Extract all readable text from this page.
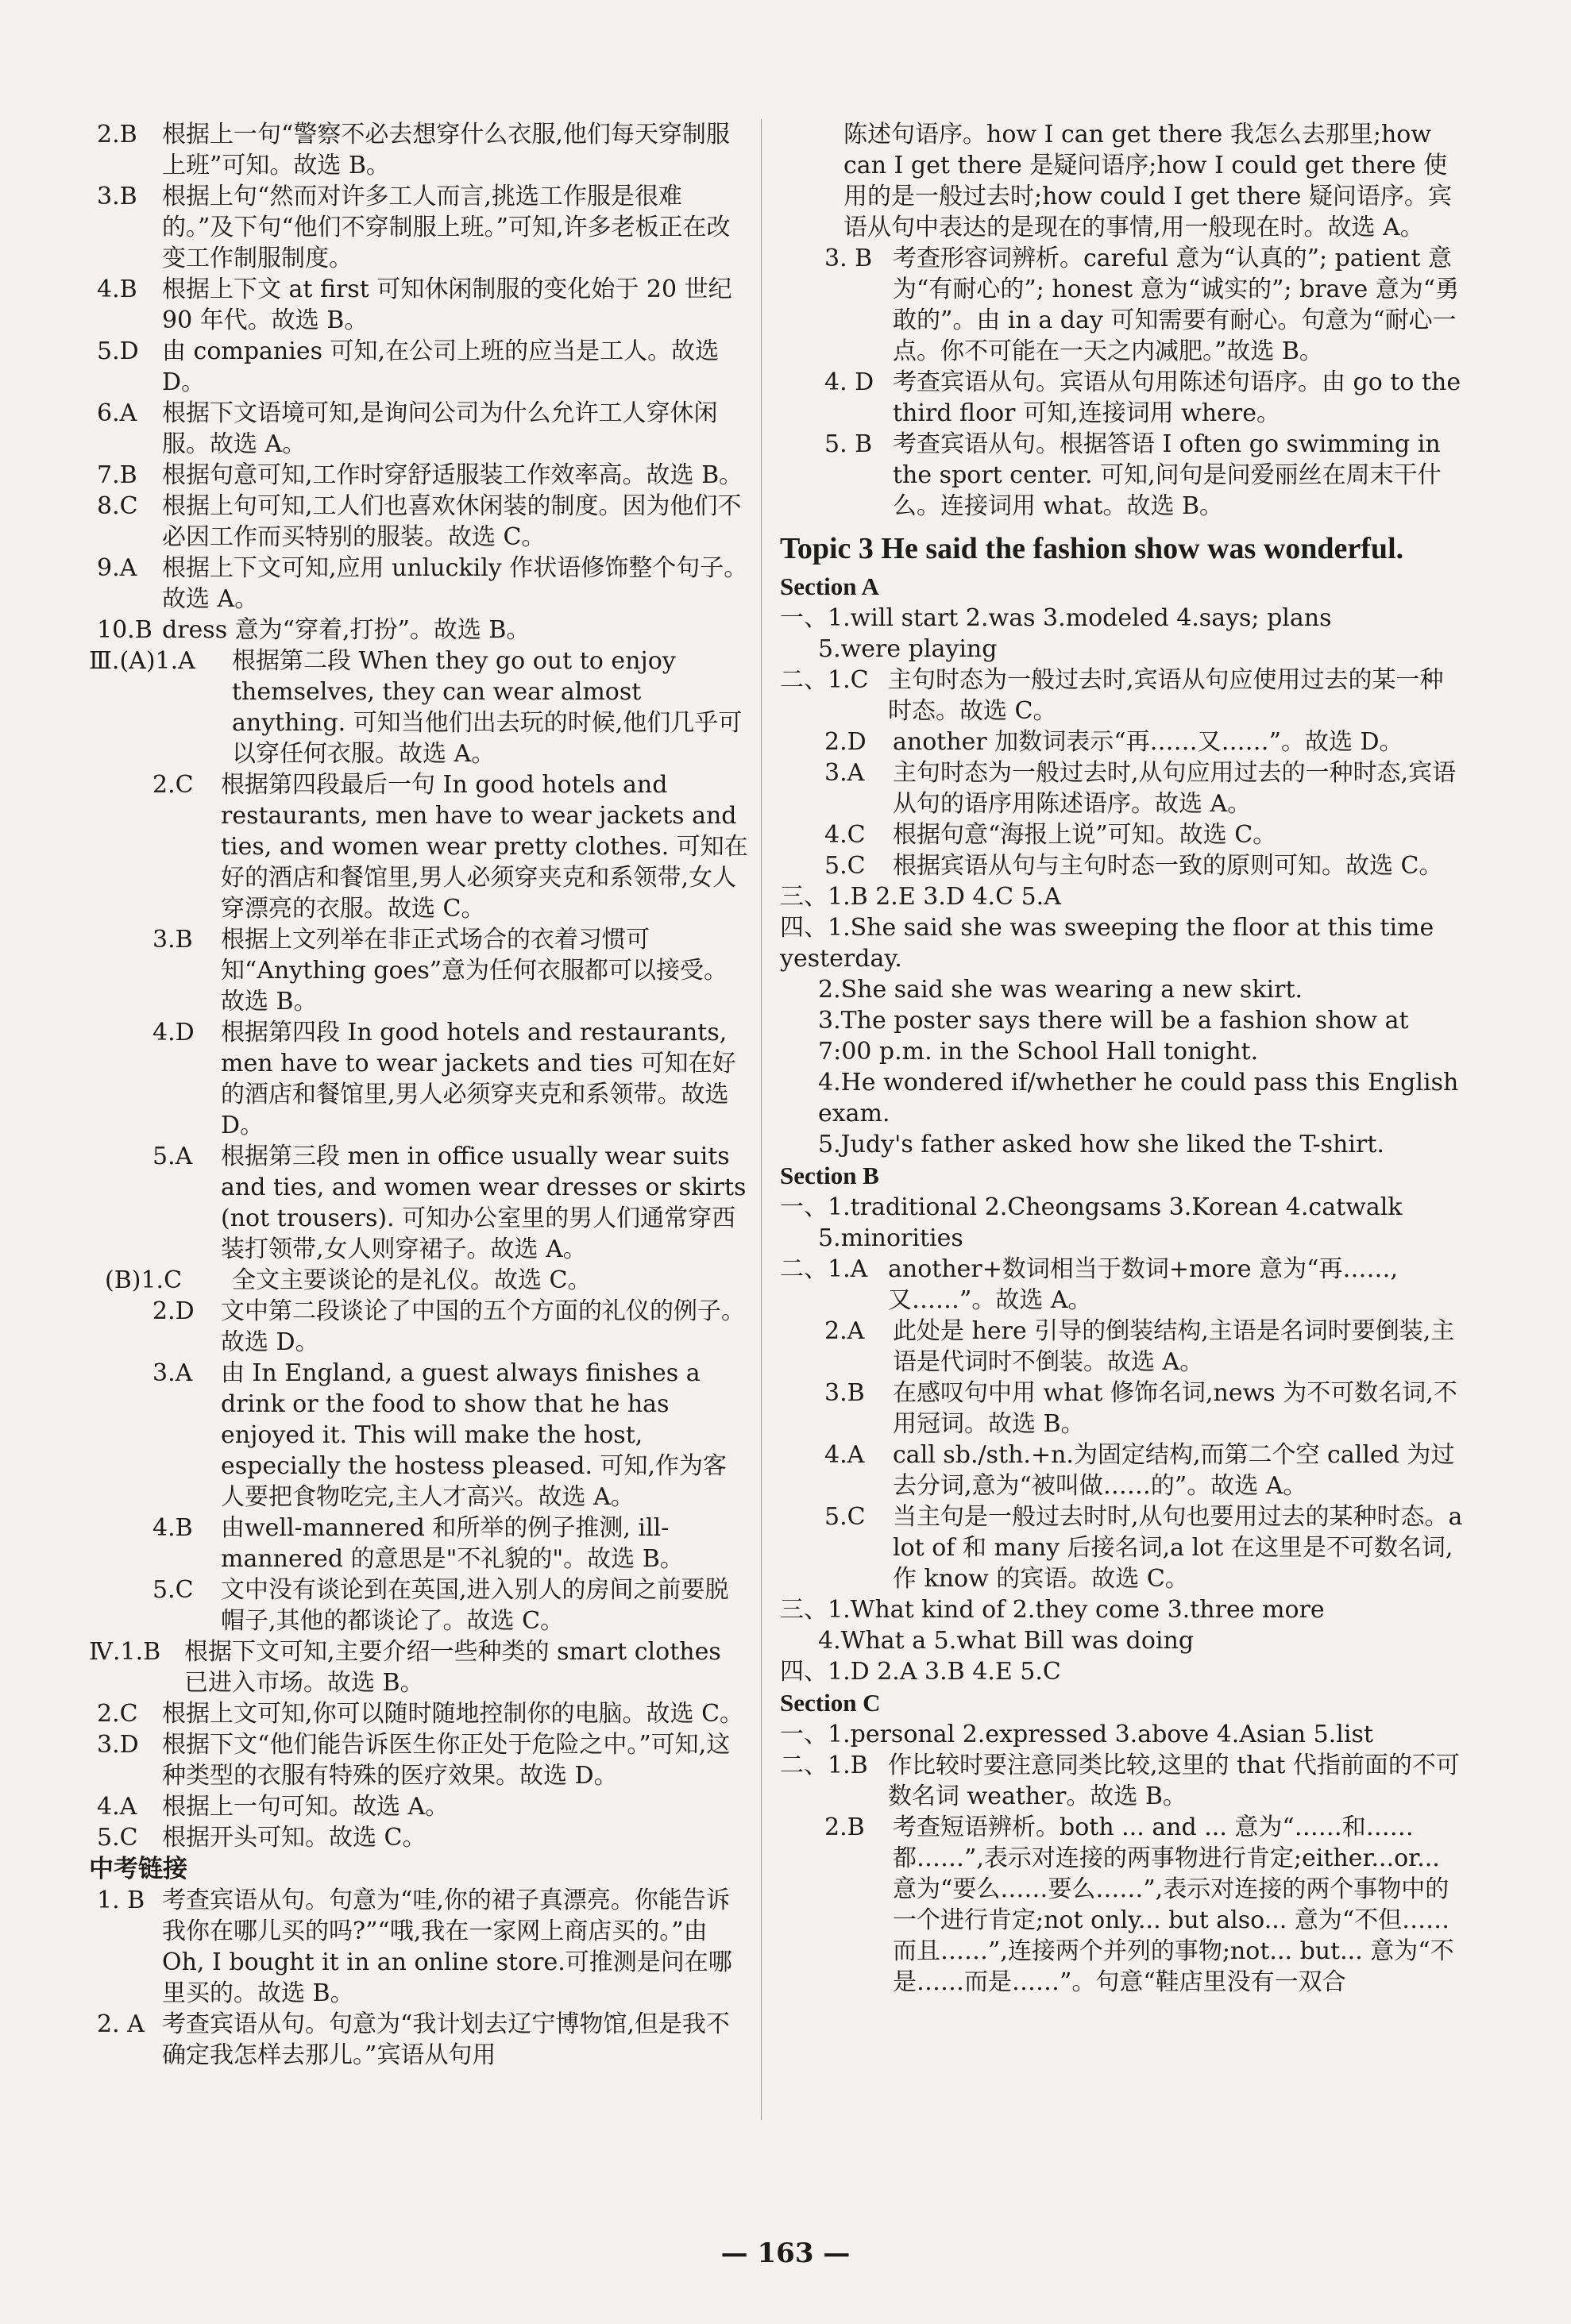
2.B	根据上一句“警察不必去想穿什么衣服,他们每天穿制服上班”可知。故选 B。
3.B	根据上句“然而对许多工人而言,挑选工作服是很难的。”及下句“他们不穿制服上班。”可知,许多老板正在改变工作制服制度。
4.B	根据上下文 at first 可知休闲制服的变化始于 20 世纪 90 年代。故选 B。
5.D 由 companies 可知,在公司上班的应当是工人。故选 D。
6.A	根据下文语境可知,是询问公司为什么允许工人穿休闲服。故选 A。
7.B	根据句意可知,工作时穿舒适服装工作效率高。故选 B。
8.C	根据上句可知,工人们也喜欢休闲装的制度。因为他们不必因工作而买特别的服装。故选 C。
9.A	根据上下文可知,应用 unluckily 作状语修饰整个句子。故选 A。
10.B dress 意为“穿着,打扮”。故选 B。
Ⅲ.(A)1.A	根据第二段 When they go out to enjoy themselves, they can wear almost anything. 可知当他们出去玩的时候,他们几乎可以穿任何衣服。故选 A。
2.C	根据第四段最后一句 In good hotels and restaurants, men have to wear jackets and ties, and women wear pretty clothes. 可知在好的酒店和餐馆里,男人必须穿夹克和系领带,女人穿漂亮的衣服。故选 C。
3.B	根据上文列举在非正式场合的衣着习惯可知“Anything goes”意为任何衣服都可以接受。故选 B。
4.D	根据第四段 In good hotels and restaurants, men have to wear jackets and ties 可知在好的酒店和餐馆里,男人必须穿夹克和系领带。故选 D。
5.A	根据第三段 men in office usually wear suits and ties, and women wear dresses or skirts (not trousers). 可知办公室里的男人们通常穿西装打领带,女人则穿裙子。故选 A。
(B)1.C	全文主要谈论的是礼仪。故选 C。
2.D	文中第二段谈论了中国的五个方面的礼仪的例子。故选 D。
3.A	由 In England, a guest always finishes a drink or the food to show that he has enjoyed it. This will make the host, especially the hostess pleased. 可知,作为客人要把食物吃完,主人才高兴。故选 A。
4.B	由well-mannered 和所举的例子推测, ill-mannered 的意思是"不礼貌的"。故选 B。
5.C	文中没有谈论到在英国,进入别人的房间之前要脱帽子,其他的都谈论了。故选 C。
Ⅳ.1.B 根据下文可知,主要介绍一些种类的 smart clothes 已进入市场。故选 B。
2.C	根据上文可知,你可以随时随地控制你的电脑。故选 C。
3.D 根据下文“他们能告诉医生你正处于危险之中。”可知,这种类型的衣服有特殊的医疗效果。故选 D。
4.A	根据上一句可知。故选 A。
5.C	根据开头可知。故选 C。
中考链接
1. B 考查宾语从句。句意为“哇,你的裙子真漂亮。你能告诉我你在哪儿买的吗?”“哦,我在一家网上商店买的。”由 Oh, I bought it in an online store.可推测是问在哪里买的。故选 B。
2. A 考查宾语从句。句意为“我计划去辽宁博物馆,但是我不确定我怎样去那儿。”宾语从句用
陈述句语序。how I can get there 我怎么去那里;how can I get there 是疑问语序;how I could get there 使用的是一般过去时;how could I get there 疑问语序。宾语从句中表达的是现在的事情,用一般现在时。故选 A。
3. B 考查形容词辨析。careful 意为“认真的”; patient 意为“有耐心的”; honest 意为“诚实的”; brave 意为“勇敢的”。由 in a day 可知需要有耐心。句意为“耐心一点。你不可能在一天之内减肥。”故选 B。
4. D 考查宾语从句。宾语从句用陈述句语序。由 go to the third floor 可知,连接词用 where。
5. B 考查宾语从句。根据答语 I often go swimming in the sport center. 可知,问句是问爱丽丝在周末干什么。连接词用 what。故选 B。
Topic 3 He said the fashion show was wonderful.
Section A
一、1.will start 2.was 3.modeled 4.says; plans
5.were playing
二、1.C 主句时态为一般过去时,宾语从句应使用过去的某一种时态。故选 C。
2.D	another 加数词表示“再……又……”。故选 D。
3.A	主句时态为一般过去时,从句应用过去的一种时态,宾语从句的语序用陈述语序。故选 A。
4.C	根据句意“海报上说”可知。故选 C。
5.C	根据宾语从句与主句时态一致的原则可知。故选 C。
三、1.B 2.E 3.D 4.C 5.A
四、1.She said she was sweeping the floor at this time yesterday.
2.She said she was wearing a new skirt.
3.The poster says there will be a fashion show at 7:00 p.m. in the School Hall tonight.
4.He wondered if/whether he could pass this English exam.
5.Judy's father asked how she liked the T-shirt.
Section B
一、1.traditional 2.Cheongsams 3.Korean 4.catwalk
5.minorities
二、1.A another+数词相当于数词+more 意为“再……,又……”。故选 A。
2.A	此处是 here 引导的倒装结构,主语是名词时要倒装,主语是代词时不倒装。故选 A。
3.B	在感叹句中用 what 修饰名词,news 为不可数名词,不用冠词。故选 B。
4.A	call sb./sth.+n.为固定结构,而第二个空 called 为过去分词,意为“被叫做……的”。故选 A。
5.C	当主句是一般过去时时,从句也要用过去的某种时态。a lot of 和 many 后接名词,a lot 在这里是不可数名词,作 know 的宾语。故选 C。
三、1.What kind of 2.they come 3.three more
4.What a 5.what Bill was doing
四、1.D 2.A 3.B 4.E 5.C
Section C
一、1.personal 2.expressed 3.above 4.Asian 5.list
二、1.B 作比较时要注意同类比较,这里的 that 代指前面的不可数名词 weather。故选 B。
2.B	考查短语辨析。both ... and ... 意为“……和……都……”,表示对连接的两事物进行肯定;either...or... 意为“要么……要么……”,表示对连接的两个事物中的一个进行肯定;not only... but also... 意为“不但……而且……”,连接两个并列的事物;not... but... 意为“不是……而是……”。句意“鞋店里没有一双合
— 163 —
